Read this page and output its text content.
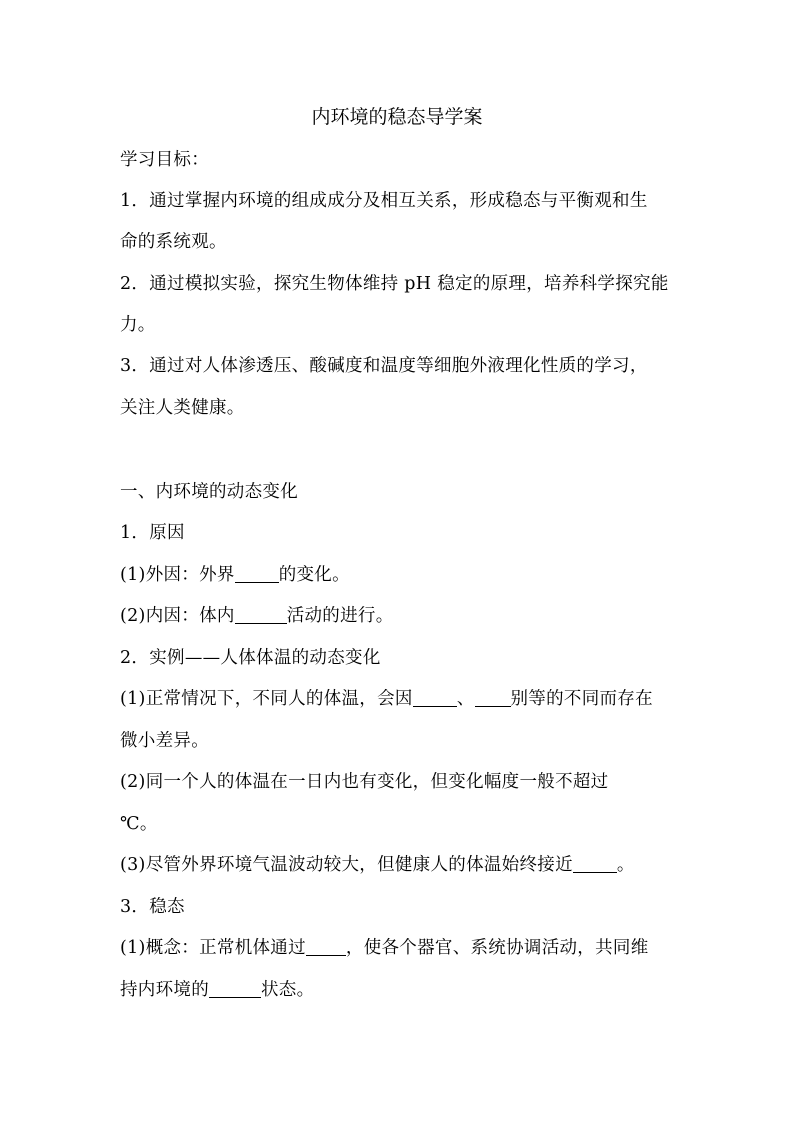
内环境的稳态导学案
学习目标：
1．通过掌握内环境的组成成分及相互关系，形成稳态与平衡观和生
命的系统观。
2．通过模拟实验，探究生物体维持 pH 稳定的原理，培养科学探究能
力。
3．通过对人体渗透压、酸碱度和温度等细胞外液理化性质的学习，
关注人类健康。
一、内环境的动态变化
1．原因
(1)外因：外界	的变化。
(2)内因：体内	活动的进行。
2．实例——人体体温的动态变化
(1)正常情况下，不同人的体温，会因	、 别等的不同而存在
微小差异。
(2)同一个人的体温在一日内也有变化，但变化幅度一般不超过
℃。
(3)尽管外界环境气温波动较大，但健康人的体温始终接近	。
3．稳态
(1)概念：正常机体通过 ，使各个器官、系统协调活动，共同维
持内环境的	状态。
